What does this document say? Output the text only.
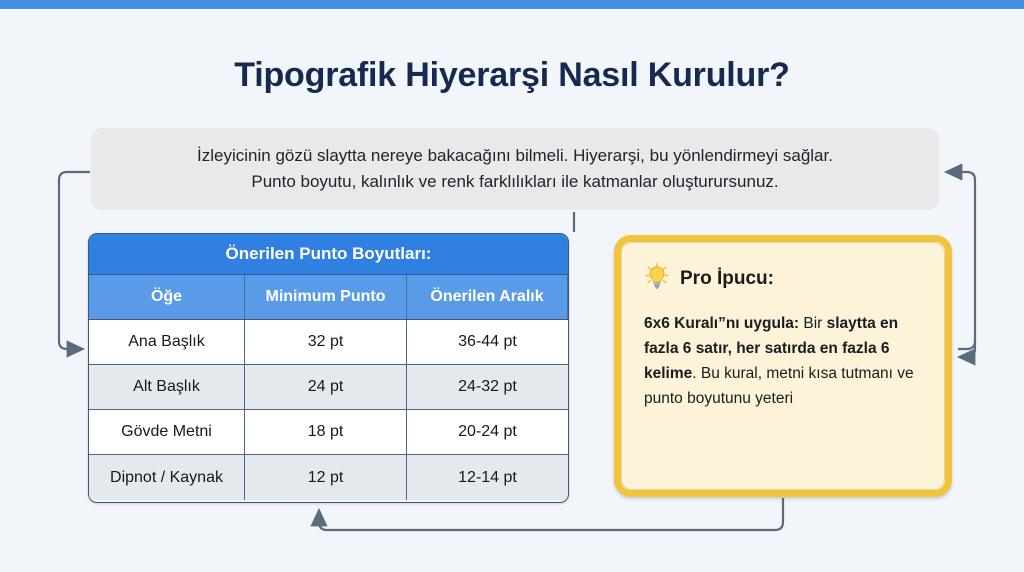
Tipografik Hiyerarşi Nasıl Kurulur?
İzleyicinin gözü slaytta nereye bakacağını bilmeli. Hiyerarşi, bu yönlendirmeyi sağlar.
Punto boyutu, kalınlık ve renk farklılıkları ile katmanlar oluşturursunuz.
Önerilen Punto Boyutları:
Öğe	Minimum Punto	Önerilen Aralık
Ana Başlık	32 pt	36-44 pt
Alt Başlık	24 pt	24-32 pt
Gövde Metni	18 pt	20-24 pt
Dipnot / Kaynak	12 pt	12-14 pt
Pro İpucu:
6x6 Kuralı”nı uygula: Bir slaytta en fazla 6 satır, her satırda en fazla 6 kelime. Bu kural, metni kısa tutmanı ve punto boyutunu yeteri
